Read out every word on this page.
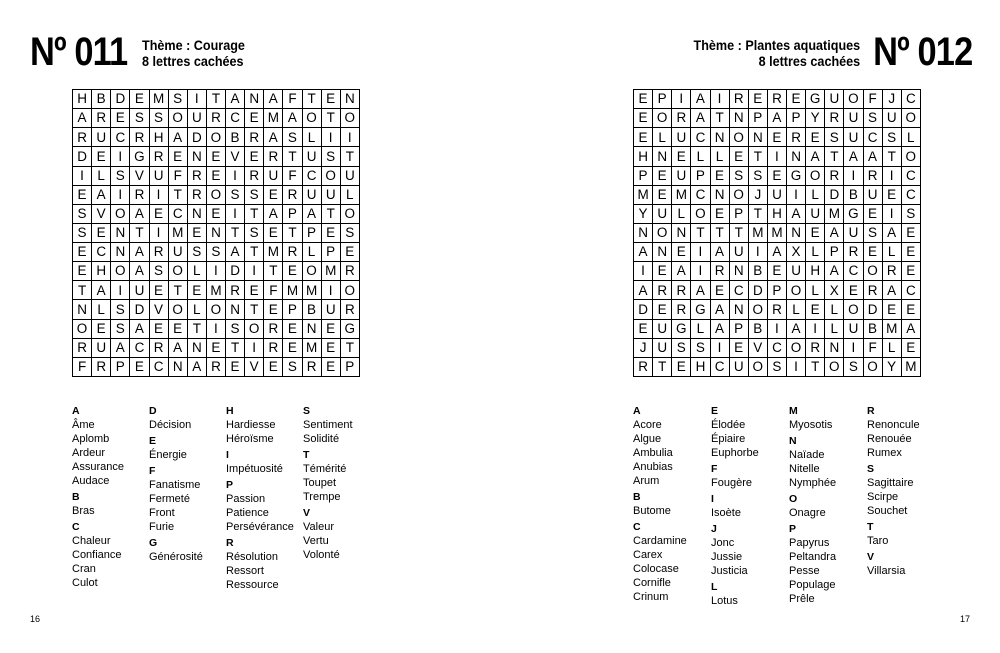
Nº 011 Thème : Courage
8 lettres cachées
H B D E M S I T A N A F T E N
A R E S S O U R C E M A O T O
R U C R H A D O B R A S L I	I
D E I G R E N E V E R T U S T
I L S V U F R E I R U F C O U
E A I R I T R O S S E R U U L
S V O A E C N E I T A P A T O
S E N T I M E N T S E T P E S
E C N A R U S S A T M R L P E
E H O A S O L I D I T E O M R
T A I U E T E M R E F M M I O
N L S D V O L O N T E P B U R
O E S A E E T I S O R E N E G
R U A C R A N E T I R E M E T
F R P E C N A R E V E S R E P
A
Âme
Aplomb
Ardeur
Assurance
Audace
B
Bras
C
Chaleur
Confiance
Cran
Culot
D
Décision
E
Énergie
F
Fanatisme
Fermeté
Front
Furie
G
Générosité
H
Hardiesse
Héroïsme
I
Impétuosité
P
Passion
Patience
Persévérance
R
Résolution
Ressort
Ressource
S
Sentiment
Solidité
T
Témérité
Toupet
Trempe
V
Valeur
Vertu
Volonté
16
Nº 012
Thème : Plantes aquatiques
8 lettres cachées
E P I A I R E R E G U O F J C
E O R A T N P A P Y R U S U O
E L U C N O N E R E S U C S L
H N E L L E T I N A T A A T O
P E U P E S S E G O R I R I C
M E M C N O J U I L D B U E C
Y U L O E P T H A U M G E I S
N O N T T T M M N E A U S A E
A N E I A U I A X L P R E L E
I E A I R N B E U H A C O R E
A R R A E C D P O L X E R A C
D E R G A N O R L E L O D E E
E U G L A P B I A I L U B M A
J U S S I E V C O R N I F L E
R T E H C U O S I T O S O Y M
A
Acore
Algue
Ambulia
Anubias
Arum
B
Butome
C
Cardamine
Carex
Colocase
Cornifle
Crinum
E
Élodée
Épiaire
Euphorbe
F
Fougère
I
Isoète
J
Jonc
Jussie
Justicia
L
Lotus
M
Myosotis
N
Naïade
Nitelle
Nymphée
O
Onagre
P
Papyrus
Peltandra
Pesse
Populage
Prêle
R
Renoncule
Renouée
Rumex
S
Sagittaire
Scirpe
Souchet
T
Taro
V
Villarsia
17
